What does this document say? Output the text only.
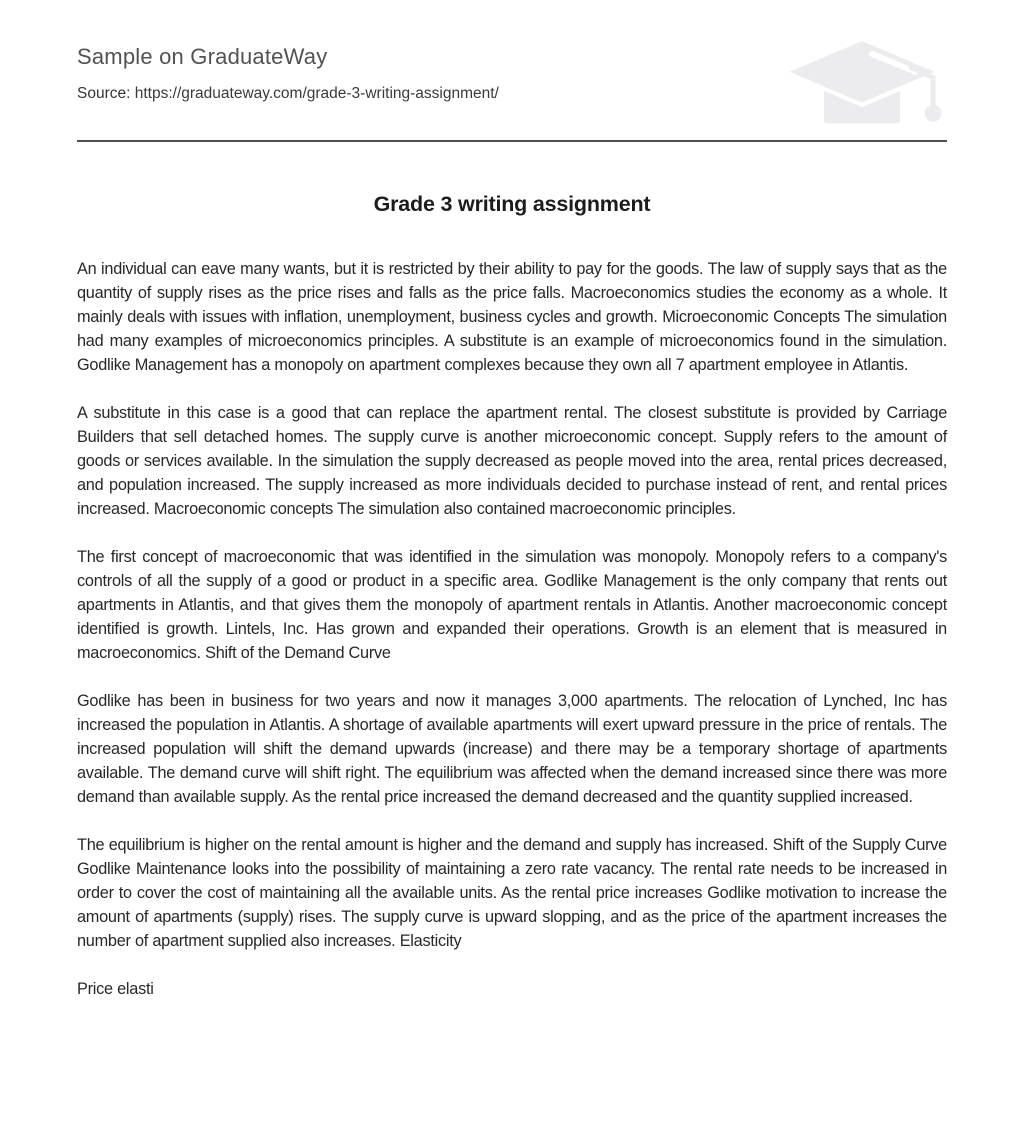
Sample on GraduateWay
Source: https://graduateway.com/grade-3-writing-assignment/
Grade 3 writing assignment

An individual can eave many wants, but it is restricted by their ability to pay for the goods. The law of supply says that as the quantity of supply rises as the price rises and falls as the price falls. Macroeconomics studies the economy as a whole. It mainly deals with issues with inflation, unemployment, business cycles and growth. Microeconomic Concepts The simulation had many examples of microeconomics principles. A substitute is an example of microeconomics found in the simulation. Godlike Management has a monopoly on apartment complexes because they own all 7 apartment employee in Atlantis.

A substitute in this case is a good that can replace the apartment rental. The closest substitute is provided by Carriage Builders that sell detached homes. The supply curve is another microeconomic concept. Supply refers to the amount of goods or services available. In the simulation the supply decreased as people moved into the area, rental prices decreased, and population increased. The supply increased as more individuals decided to purchase instead of rent, and rental prices increased. Macroeconomic concepts The simulation also contained macroeconomic principles.

The first concept of macroeconomic that was identified in the simulation was monopoly. Monopoly refers to a company's controls of all the supply of a good or product in a specific area. Godlike Management is the only company that rents out apartments in Atlantis, and that gives them the monopoly of apartment rentals in Atlantis. Another macroeconomic concept identified is growth. Lintels, Inc. Has grown and expanded their operations. Growth is an element that is measured in macroeconomics. Shift of the Demand Curve

Godlike has been in business for two years and now it manages 3,000 apartments. The relocation of Lynched, Inc has increased the population in Atlantis. A shortage of available apartments will exert upward pressure in the price of rentals. The increased population will shift the demand upwards (increase) and there may be a temporary shortage of apartments available. The demand curve will shift right. The equilibrium was affected when the demand increased since there was more demand than available supply. As the rental price increased the demand decreased and the quantity supplied increased.

The equilibrium is higher on the rental amount is higher and the demand and supply has increased. Shift of the Supply Curve Godlike Maintenance looks into the possibility of maintaining a zero rate vacancy. The rental rate needs to be increased in order to cover the cost of maintaining all the available units. As the rental price increases Godlike motivation to increase the amount of apartments (supply) rises. The supply curve is upward slopping, and as the price of the apartment increases the number of apartment supplied also increases. Elasticity

Price elasti
